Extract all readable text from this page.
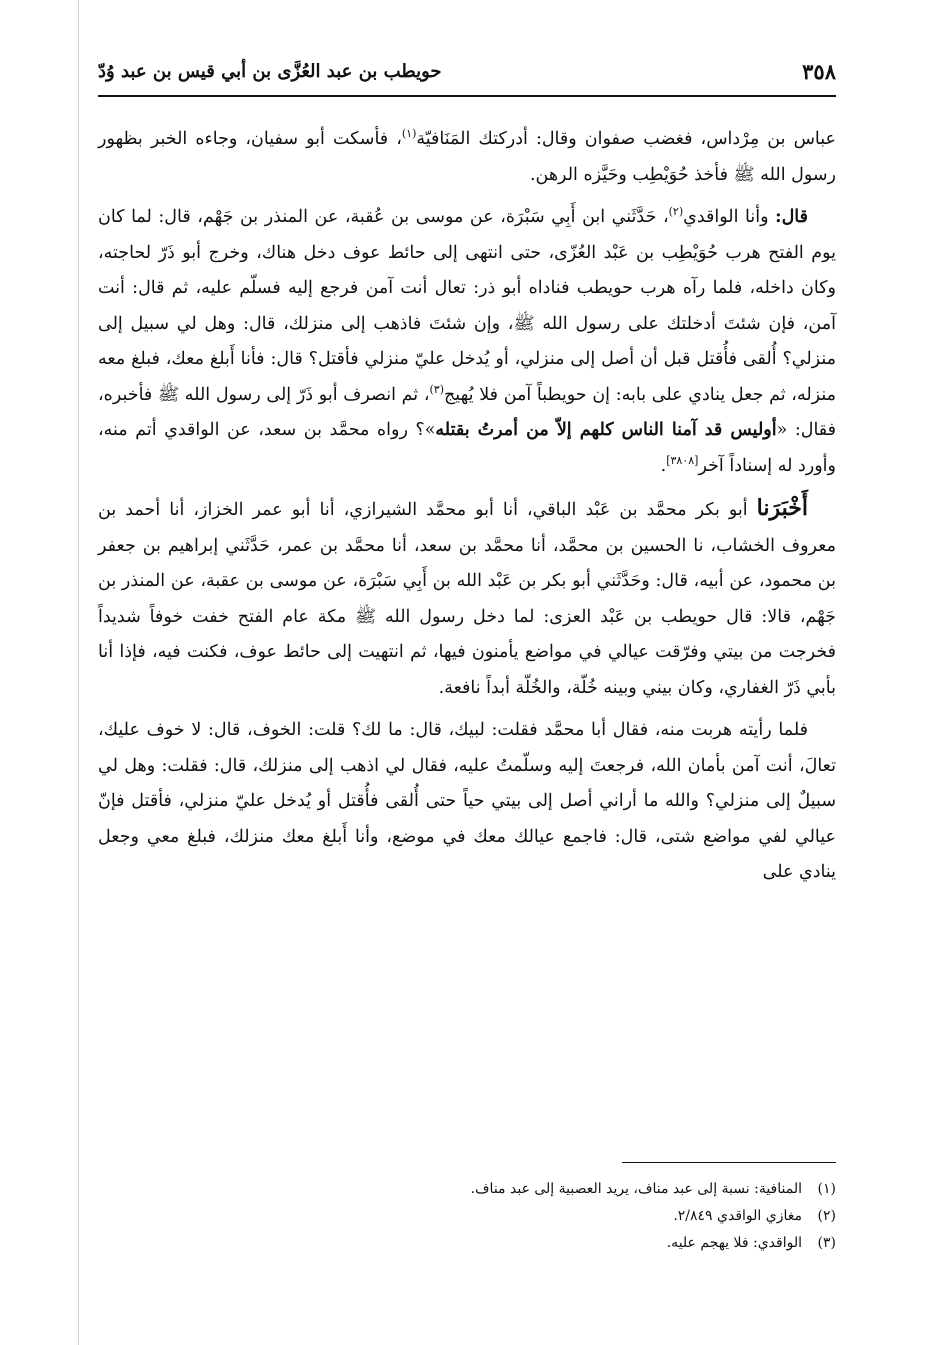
٣٥٨
حويطب بن عبد العُزَّى بن أبي قيس بن عبد وُدّ

عباس بن مِرْداس، فغضب صفوان وقال: أدركتك المَنَافيّة$^{(١)}$، فأسكت أبو سفيان، وجاءه الخبر بظهور رسول الله ﷺ فأخذ حُوَيْطِب وحَيَّزه الرهن.

قال: وأنا الواقدي$^{(٢)}$، حَدَّثَني ابن أَبِي سَبْرَة، عن موسى بن عُقبة، عن المنذر بن جَهْم، قال: لما كان يوم الفتح هرب حُوَيْطِب بن عَبْد العُزّى، حتى انتهى إلى حائط عوف دخل هناك، وخرج أبو ذَرّ لحاجته، وكان داخله، فلما رآه هرب حويطب فناداه أبو ذر: تعال أنت آمن فرجع إليه فسلّم عليه، ثم قال: أنت آمن، فإن شئتَ أدخلتك على رسول الله ﷺ، وإن شئتَ فاذهب إلى منزلك، قال: وهل لي سبيل إلى منزلي؟ أُلقى فأُقتل قبل أن أصل إلى منزلي، أو يُدخل عليّ منزلي فأقتل؟ قال: فأنا أَبلغ معك، فبلغ معه منزله، ثم جعل ينادي على بابه: إن حويطباً آمن فلا يُهيج$^{(٣)}$، ثم انصرف أبو ذَرّ إلى رسول الله ﷺ فأخبره، فقال: «أوليس قد آمنا الناس كلهم إلاّ من أمرتُ بقتله»؟ رواه محمَّد بن سعد، عن الواقدي أتم منه، وأورد له إسناداً آخر[٣٨٠٨].

أَخْبَرَنا أبو بكر محمَّد بن عَبْد الباقي، أنا أبو محمَّد الشيرازي، أنا أبو عمر الخزاز، أنا أحمد بن معروف الخشاب، نا الحسين بن محمَّد، أنا محمَّد بن سعد، أنا محمَّد بن عمر، حَدَّثَني إبراهيم بن جعفر بن محمود، عن أبيه، قال: وحَدَّثَني أبو بكر بن عَبْد الله بن أَبِي سَبْرَة، عن موسى بن عقبة، عن المنذر بن جَهْم، قالا: قال حويطب بن عَبْد العزى: لما دخل رسول الله ﷺ مكة عام الفتح خفت خوفاً شديداً فخرجت من بيتي وفرّقت عيالي في مواضع يأمنون فيها، ثم انتهيت إلى حائط عوف، فكنت فيه، فإذا أنا بأبي ذَرّ الغفاري، وكان بيني وبينه خُلّة، والخُلّة أبداً نافعة.

فلما رأيته هربت منه، فقال أبا محمَّد فقلت: لبيك، قال: ما لك؟ قلت: الخوف، قال: لا خوف عليك، تعالَ، أنت آمن بأمان الله، فرجعتَ إليه وسلّمتُ عليه، فقال لي اذهب إلى منزلك، قال: فقلت: وهل لي سبيلٌ إلى منزلي؟ والله ما أراني أصل إلى بيتي حياً حتى أُلقى فأُقتل أو يُدخل عليّ منزلي، فأقتل فإنّ عيالي لفي مواضع شتى، قال: فاجمع عيالك معك في موضع، وأنا أَبلغ معك منزلك، فبلغ معي وجعل ينادي على

(١)المنافية: نسبة إلى عبد مناف، يريد العصبية إلى عبد مناف.

(٢)مغازي الواقدي ٢/٨٤٩.

(٣)الواقدي: فلا يهجم عليه.
